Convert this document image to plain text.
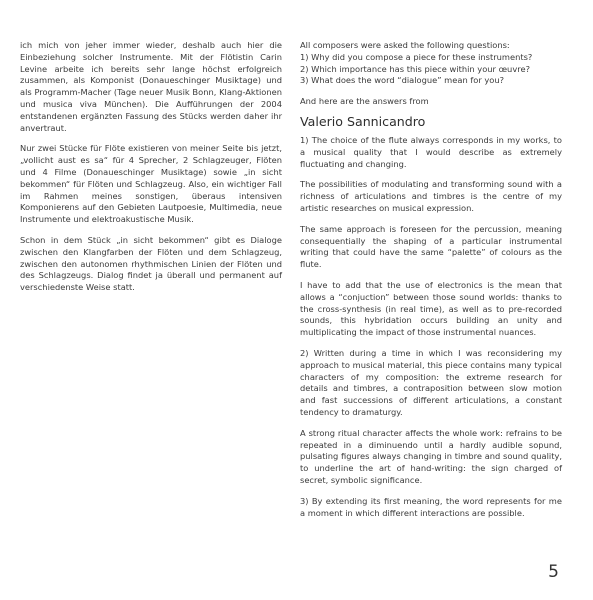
ich mich von jeher immer wieder, deshalb auch hier die Einbeziehung solcher Instrumente. Mit der Flötistin Carin Levine arbeite ich bereits sehr lange höchst erfolgreich zusammen, als Komponist (Donaueschinger Musiktage) und als Programm-Macher (Tage neuer Musik Bonn, Klang-Aktionen und musica viva München). Die Aufführungen der 2004 entstandenen ergänzten Fassung des Stücks werden daher ihr anvertraut.

Nur zwei Stücke für Flöte existieren von meiner Seite bis jetzt, „vollicht aust es sa“ für 4 Sprecher, 2 Schlagzeuger, Flöten und 4 Filme (Donaueschinger Musiktage) sowie „in sicht bekommen“ für Flöten und Schlagzeug. Also, ein wichtiger Fall im Rahmen meines sonstigen, überaus intensiven Komponierens auf den Gebieten Lautpoesie, Multimedia, neue Instrumente und elektroakustische Musik.

Schon in dem Stück „in sicht bekommen“ gibt es Dialoge zwischen den Klangfarben der Flöten und dem Schlagzeug, zwischen den autonomen rhythmischen Linien der Flöten und des Schlagzeugs. Dialog findet ja überall und permanent auf verschiedenste Weise statt.

All composers were asked the following questions:

1) Why did you compose a piece for these instruments?

2) Which importance has this piece within your œuvre?

3) What does the word “dialogue” mean for you?

And here are the answers from

Valerio Sannicandro

1) The choice of the flute always corresponds in my works, to a musical quality that I would describe as extremely fluctuating and changing.

The possibilities of modulating and transforming sound with a richness of articulations and timbres is the centre of my artistic researches on musical expression.

The same approach is foreseen for the percussion, meaning consequentially the shaping of a particular instrumental writing that could have the same “palette” of colours as the flute.

I have to add that the use of electronics is the mean that allows a “conjuction” between those sound worlds: thanks to the cross-synthesis (in real time), as well as to pre-recorded sounds, this hybridation occurs building an unity and multiplicating the impact of those instrumental nuances.

2) Written during a time in which I was reconsidering my approach to musical material, this piece contains many typical characters of my composition: the extreme research for details and timbres, a contraposition between slow motion and fast successions of different articulations, a constant tendency to dramaturgy.

A strong ritual character affects the whole work: refrains to be repeated in a diminuendo until a hardly audible sopund, pulsating figures always changing in timbre and sound quality, to underline the art of hand-writing: the sign charged of secret, symbolic significance.

3) By extending its first meaning, the word represents for me a moment in which different interactions are possible.

5
